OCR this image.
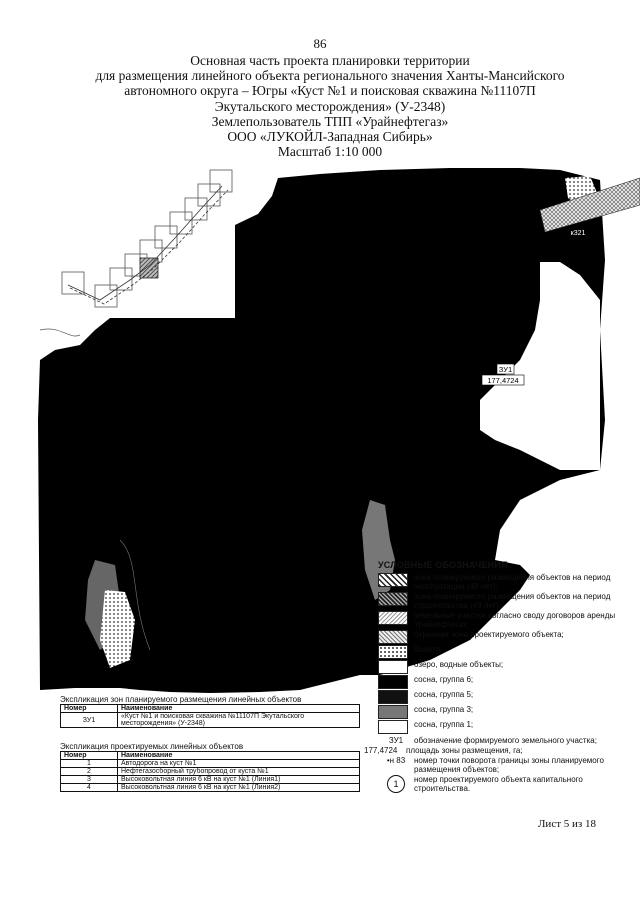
86
Основная часть проекта планировки территории
для размещения линейного объекта регионального значения Ханты-Мансийского
автономного округа – Югры «Куст №1 и поисковая скважина №11107П
Экутальского месторождения» (У-2348)
Землепользователь ТПП «Урайнефтегаз»
ООО «ЛУКОЙЛ-Западная Сибирь»
Масштаб 1:10 000
ЗУ1
177,4724
к321
УСЛОВНЫЕ ОБОЗНАЧЕНИЯ:
зона планируемого размещения объектов на период эксплуатации (49 лет);
зона планируемого размещения объектов на период строительства (49 лет);
земельные участки согласно своду договоров аренды Урайнефтегаз;
охранная зона проектируемого объекта;
болото;
озеро, водные объекты;
сосна, группа 6;
сосна, группа 5;
сосна, группа 3;
сосна, группа 1;
ЗУ1	обозначение формируемого земельного участка;
177,4724	площадь зоны размещения, га;
•н 83	номер точки поворота границы зоны планируемого размещения объектов;
1	номер проектируемого объекта капитального строительства.
Экспликация зон планируемого размещения линейных объектов
Номер	Наименование
ЗУ1	«Куст №1 и поисковая скважина №11107П Экутальского месторождения» (У-2348)
Экспликация проектируемых линейных объектов
Номер	Наименование
1	Автодорога на куст №1
2	Нефтегазосборный трубопровод от куста №1
3	Высоковольтная линия 6 кВ на куст №1 (Линия1)
4	Высоковольтная линия 6 кВ на куст №1 (Линия2)
Лист 5 из 18
